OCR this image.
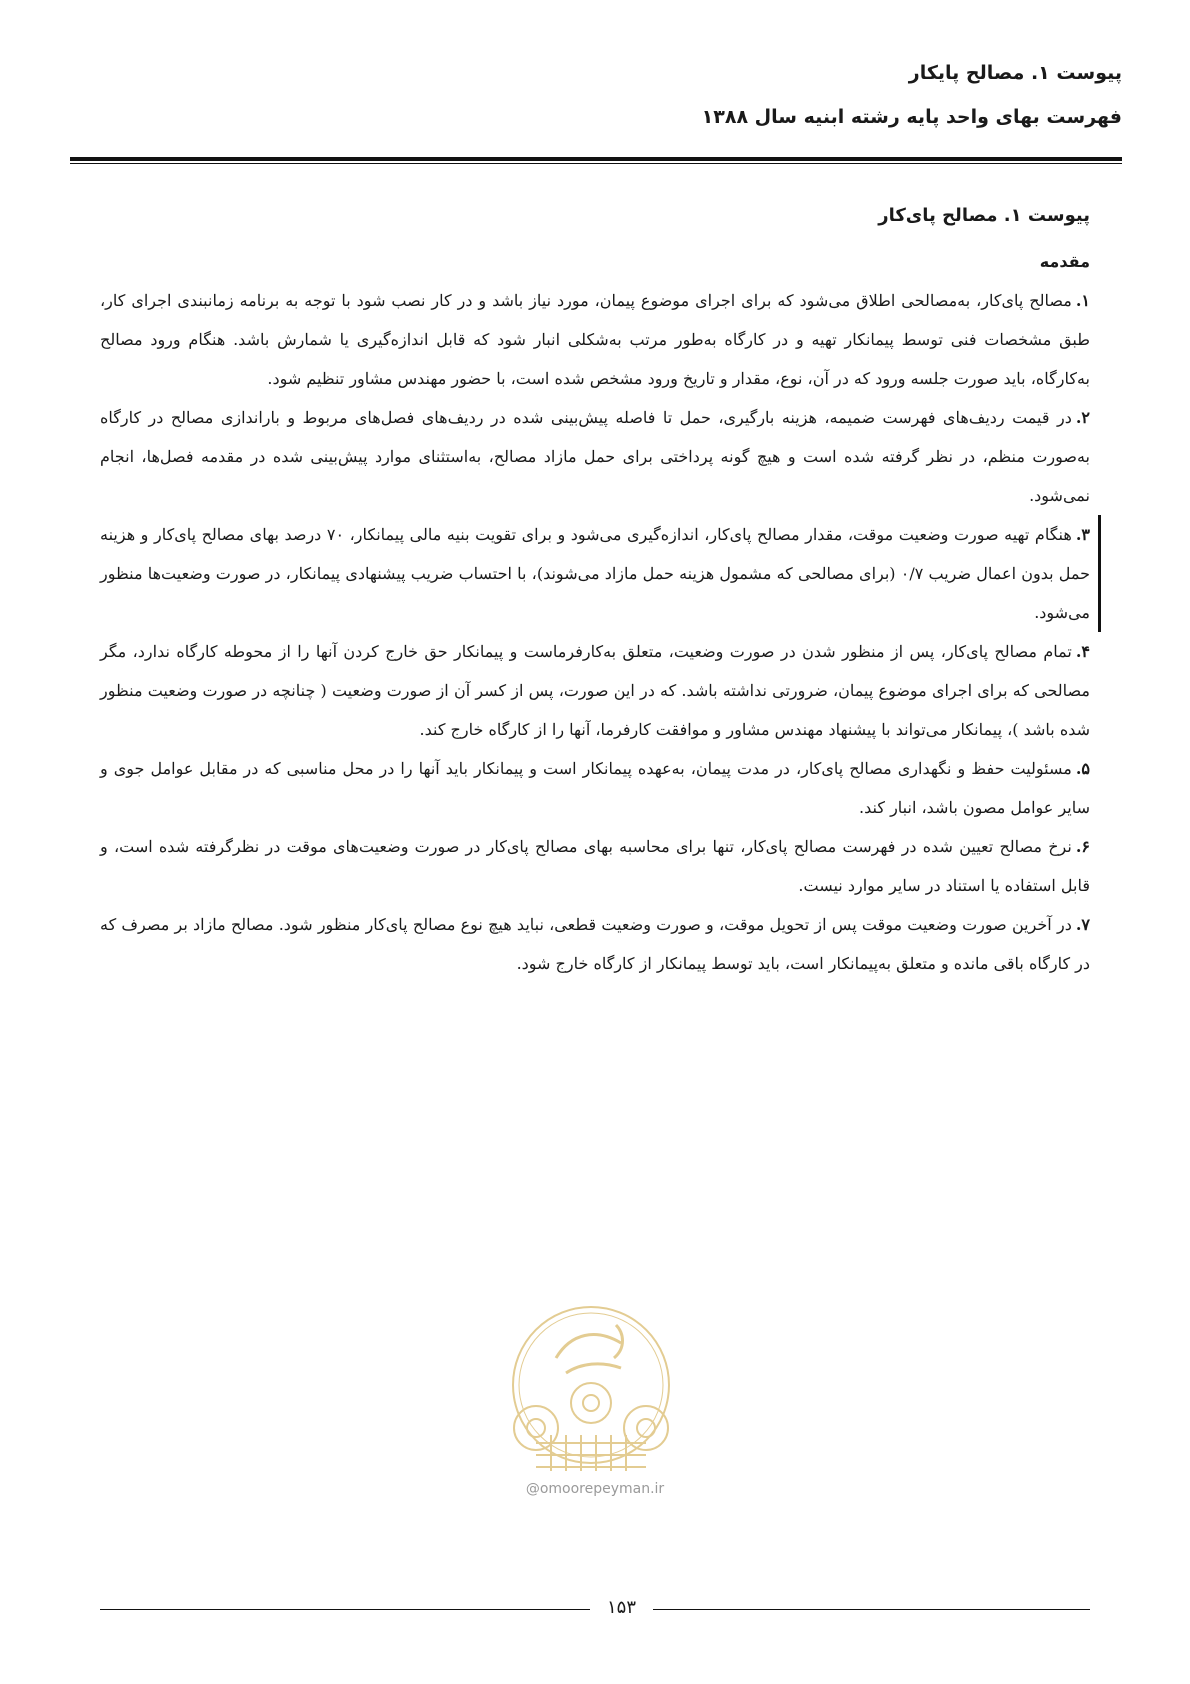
پیوست ۱. مصالح پایکار
فهرست بهای واحد پایه رشته ابنیه سال ۱۳۸۸
پیوست ۱. مصالح پای‌کار
مقدمه

۱.مصالح پای‌کار، به‌مصالحی اطلاق می‌شود که برای اجرای موضوع پیمان، مورد نیاز باشد و در کار نصب شود با توجه به برنامه زمانبندی اجرای کار، طبق مشخصات فنی توسط پیمانکار تهیه و در کارگاه به‌طور مرتب به‌شکلی انبار شود که قابل اندازه‌گیری یا شمارش باشد. هنگام ورود مصالح به‌کارگاه، باید صورت جلسه ورود که در آن، نوع، مقدار و تاریخ ورود مشخص شده است، با حضور مهندس مشاور تنظیم شود.

۲.در قیمت ردیف‌های فهرست ضمیمه، هزینه بارگیری، حمل تا فاصله پیش‌بینی شده در ردیف‌های فصل‌های مربوط و باراندازی مصالح در کارگاه به‌صورت منظم، در نظر گرفته شده است و هیچ گونه پرداختی برای حمل مازاد مصالح، به‌استثنای موارد پیش‌بینی شده در مقدمه فصل‌ها، انجام نمی‌شود.

۳.هنگام تهیه صورت وضعیت موقت، مقدار مصالح پای‌کار، اندازه‌گیری می‌شود و برای تقویت بنیه مالی پیمانکار، ۷۰ درصد بهای مصالح پای‌کار و هزینه حمل بدون اعمال ضریب ۰/۷ (برای مصالحی که مشمول هزینه حمل مازاد می‌شوند)، با احتساب ضریب پیشنهادی پیمانکار، در صورت وضعیت‌ها منظور می‌شود.

۴.تمام مصالح پای‌کار، پس از منظور شدن در صورت وضعیت، متعلق به‌کارفرماست و پیمانکار حق خارج کردن آنها را از محوطه کارگاه ندارد، مگر مصالحی که برای اجرای موضوع پیمان، ضرورتی نداشته باشد. که در این صورت، پس از کسر آن از صورت وضعیت ( چنانچه در صورت وضعیت منظور شده باشد )، پیمانکار می‌تواند با پیشنهاد مهندس مشاور و موافقت کارفرما، آنها را از کارگاه خارج کند.

۵.مسئولیت حفظ و نگهداری مصالح پای‌کار، در مدت پیمان، به‌عهده پیمانکار است و پیمانکار باید آنها را در محل مناسبی که در مقابل عوامل جوی و سایر عوامل مصون باشد، انبار کند.

۶.نرخ مصالح تعیین شده در فهرست مصالح پای‌کار، تنها برای محاسبه بهای مصالح پای‌کار در صورت وضعیت‌های موقت در نظرگرفته شده است، و قابل استفاده یا استناد در سایر موارد نیست.

۷.در آخرین صورت وضعیت موقت پس از تحویل موقت، و صورت وضعیت قطعی، نباید هیچ نوع مصالح پای‌کار منظور شود. مصالح مازاد بر مصرف که در کارگاه باقی مانده و متعلق به‌پیمانکار است، باید توسط پیمانکار از کارگاه خارج شود.

@omoorepeyman.ir
۱۵۳
